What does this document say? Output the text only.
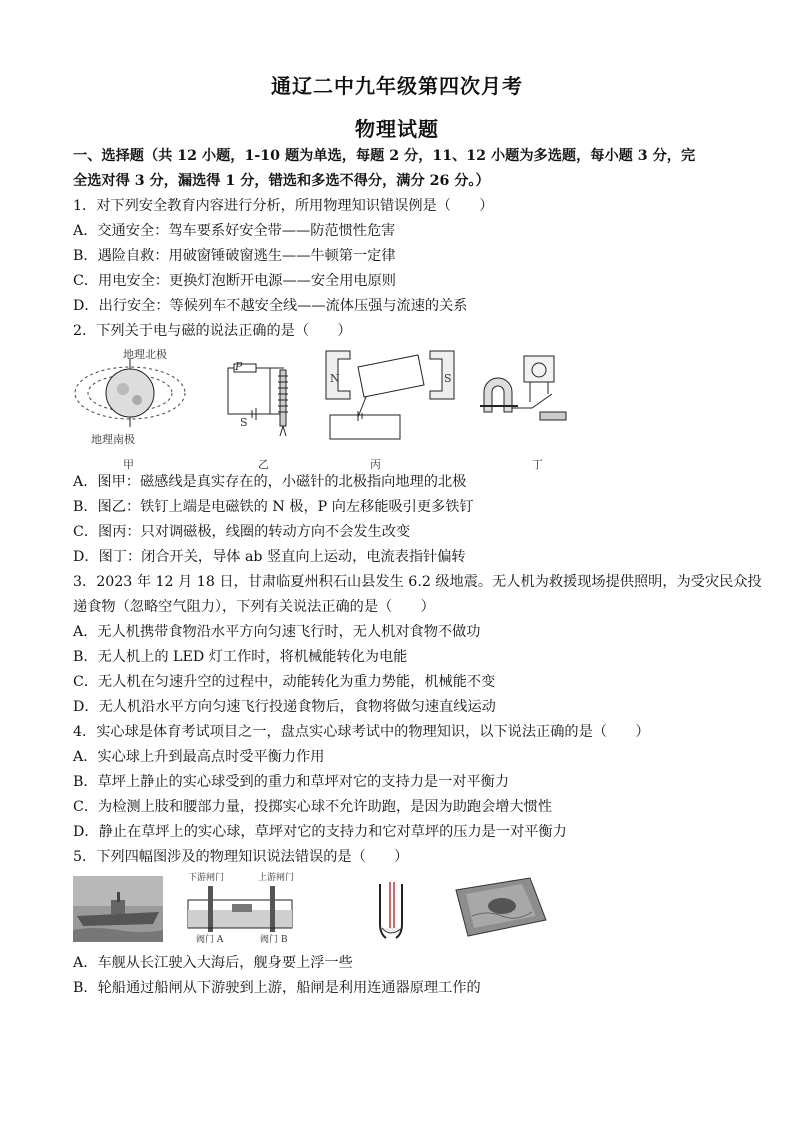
通辽二中九年级第四次月考
物理试题
一、选择题（共 12 小题，1-10 题为单选，每题 2 分，11、12 小题为多选题，每小题 3 分，完
全选对得 3 分，漏选得 1 分，错选和多选不得分，满分 26 分。）
1．对下列安全教育内容进行分析，所用物理知识错误例是（　　）
A．交通安全：驾车要系好安全带——防范惯性危害
B．遇险自救：用破窗锤破窗逃生——牛顿第一定律
C．用电安全：更换灯泡断开电源——安全用电原则
D．出行安全：等候列车不越安全线——流体压强与流速的关系
2．下列关于电与磁的说法正确的是（　　）
地理北极
地理南极
甲
P
S
乙
N	S
丙	丁
A．图甲：磁感线是真实存在的，小磁针的北极指向地理的北极
B．图乙：铁钉上端是电磁铁的 N 极，P 向左移能吸引更多铁钉
C．图丙：只对调磁极，线圈的转动方向不会发生改变
D．图丁：闭合开关，导体 ab 竖直向上运动，电流表指针偏转
3．2023 年 12 月 18 日，甘肃临夏州积石山县发生 6.2 级地震。无人机为救援现场提供照明，为受灾民众投
递食物（忽略空气阻力），下列有关说法正确的是（　　）
A．无人机携带食物沿水平方向匀速飞行时，无人机对食物不做功
B．无人机上的 LED 灯工作时，将机械能转化为电能
C．无人机在匀速升空的过程中，动能转化为重力势能，机械能不变
D．无人机沿水平方向匀速飞行投递食物后，食物将做匀速直线运动
4．实心球是体育考试项目之一，盘点实心球考试中的物理知识，以下说法正确的是（　　）
A．实心球上升到最高点时受平衡力作用
B．草坪上静止的实心球受到的重力和草坪对它的支持力是一对平衡力
C．为检测上肢和腰部力量，投掷实心球不允许助跑，是因为助跑会增大惯性
D．静止在草坪上的实心球，草坪对它的支持力和它对草坪的压力是一对平衡力
5．下列四幅图涉及的物理知识说法错误的是（　　）
下游闸门	上游闸门
阀门 A	阀门 B
A．车舰从长江驶入大海后，舰身要上浮一些
B．轮船通过船闸从下游驶到上游，船闸是利用连通器原理工作的
